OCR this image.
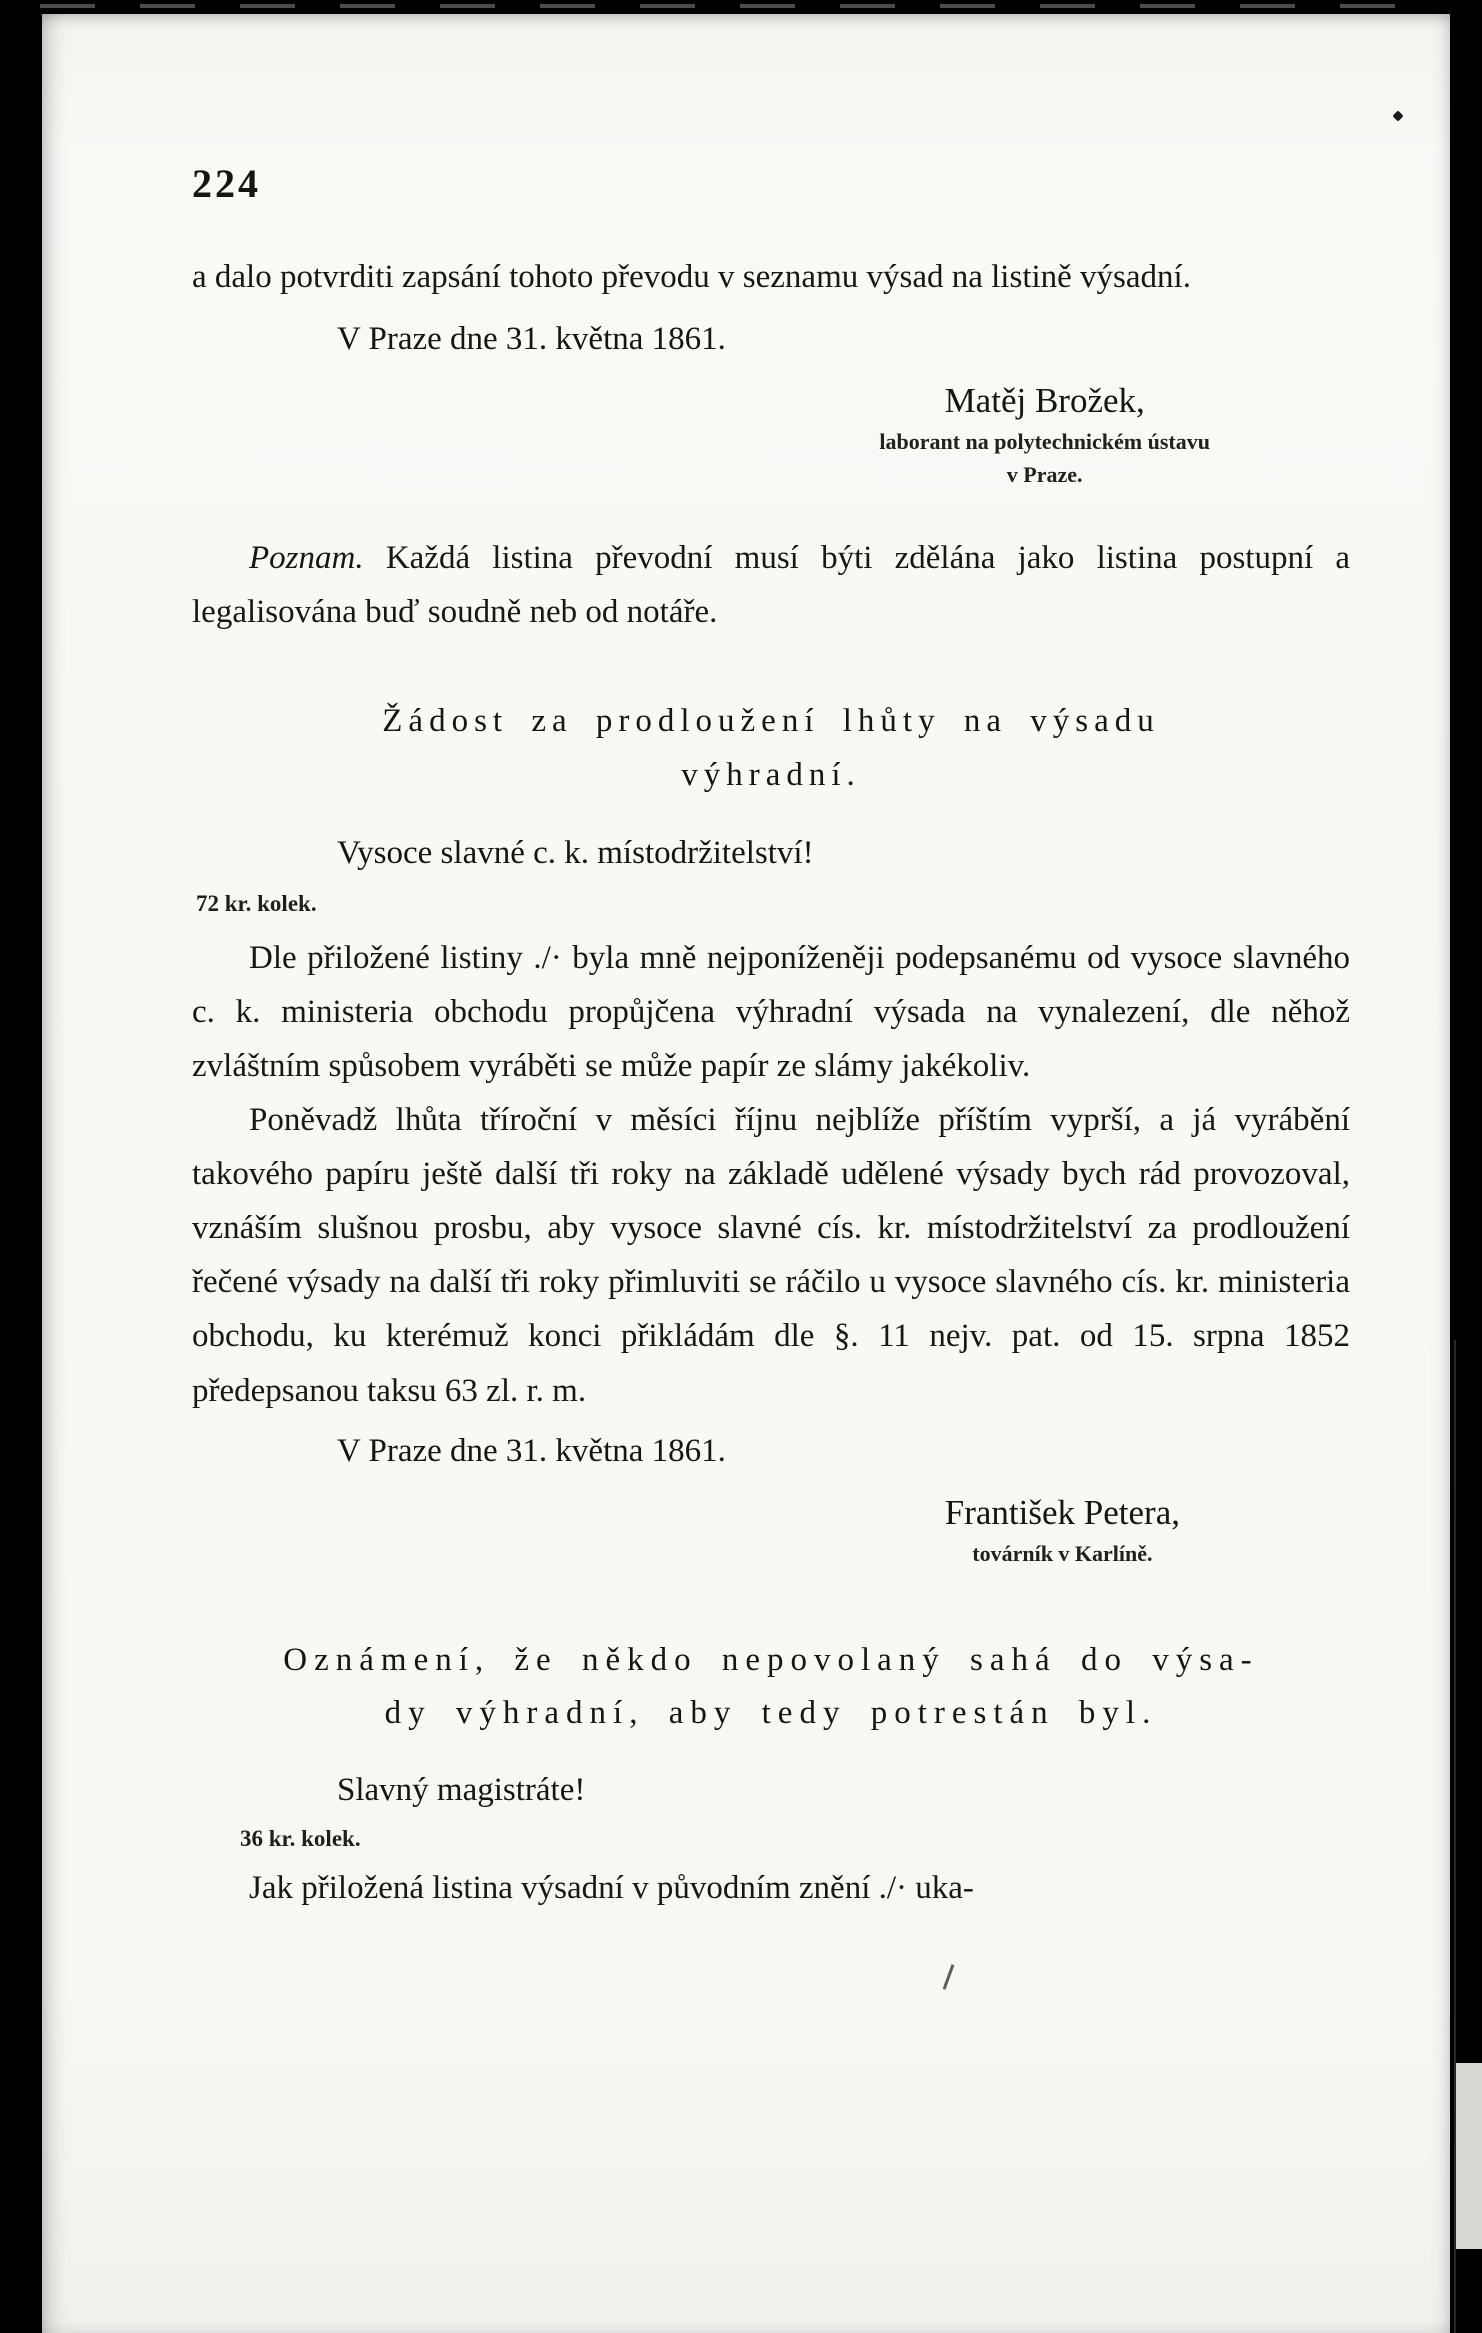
224

a dalo potvrditi zapsání tohoto převodu v seznamu výsad na listině výsadní.

V Praze dne 31. května 1861.
Matěj Brožek,
laborant na polytechnickém ústavu
v Praze.

Poznam. Každá listina převodní musí býti zdělána jako listina postupní a legalisována buď soudně neb od notáře.

Žádost za prodloužení lhůty na výsadu
výhradní.
Vysoce slavné c. k. místodržitelství!
72 kr. kolek.

Dle přiložené listiny ./· byla mně nejponíženěji podepsanému od vysoce slavného c. k. ministeria obchodu propůjčena výhradní výsada na vynalezení, dle něhož zvláštním spůsobem vyráběti se může papír ze slámy jakékoliv.

Poněvadž lhůta tříroční v měsíci říjnu nejblíže příštím vyprší, a já vyrábění takového papíru ještě další tři roky na základě udělené výsady bych rád provozoval, vznáším slušnou prosbu, aby vysoce slavné cís. kr. místodržitelství za prodloužení řečené výsady na další tři roky přimluviti se ráčilo u vysoce slavného cís. kr. ministeria obchodu, ku kterémuž konci přikládám dle §. 11 nejv. pat. od 15. srpna 1852 předepsanou taksu 63 zl. r. m.

V Praze dne 31. května 1861.
František Petera,
továrník v Karlíně.
Oznámení, že někdo nepovolaný sahá do výsa-
dy výhradní, aby tedy potrestán byl.
Slavný magistráte!
36 kr. kolek.

Jak přiložená listina výsadní v původním znění ./· uka-
